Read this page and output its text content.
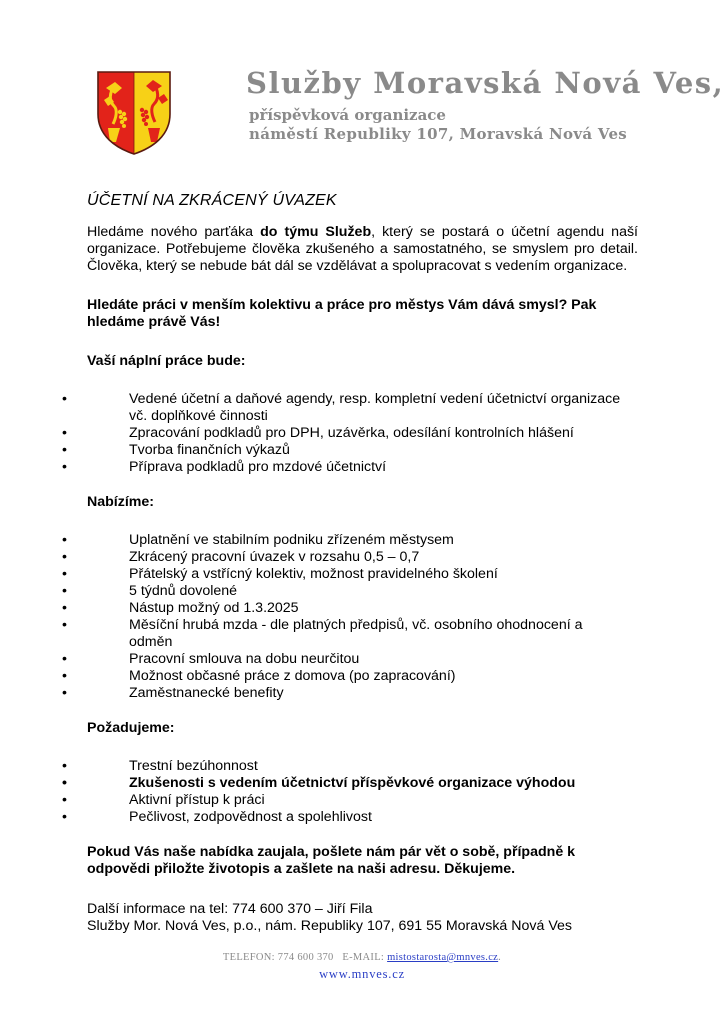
Služby Moravská Nová Ves,
příspěvková organizace
náměstí Republiky 107, Moravská Nová Ves
ÚČETNÍ NA ZKRÁCENÝ ÚVAZEK

Hledáme nového parťáka do týmu Služeb, který se postará o účetní agendu naší organizace. Potřebujeme člověka zkušeného a samostatného, se smyslem pro detail. Člověka, který se nebude bát dál se vzdělávat a spolupracovat s vedením organizace.

Hledáte práci v menším kolektivu a práce pro městys Vám dává smysl? Pak hledáme právě Vás!

Vaší náplní práce bude:
•	Vedené účetní a daňové agendy, resp. kompletní vedení účetnictví organizace vč. doplňkové činnosti
•	Zpracování podkladů pro DPH, uzávěrka, odesílání kontrolních hlášení
•	Tvorba finančních výkazů
•	Příprava podkladů pro mzdové účetnictví
Nabízíme:
•	Uplatnění ve stabilním podniku zřízeném městysem
•	Zkrácený pracovní úvazek v rozsahu 0,5 – 0,7
•	Přátelský a vstřícný kolektiv, možnost pravidelného školení
•	5 týdnů dovolené
•	Nástup možný od 1.3.2025
•	Měsíční hrubá mzda - dle platných předpisů, vč. osobního ohodnocení a odměn
•	Pracovní smlouva na dobu neurčitou
•	Možnost občasné práce z domova (po zapracování)
•	Zaměstnanecké benefity
Požadujeme:
•	Trestní bezúhonnost
•	Zkušenosti s vedením účetnictví příspěvkové organizace výhodou
•	Aktivní přístup k práci
•	Pečlivost, zodpovědnost a spolehlivost

Pokud Vás naše nabídka zaujala, pošlete nám pár vět o sobě, případně k odpovědi přiložte životopis a zašlete na naši adresu. Děkujeme.

Další informace na tel: 774 600 370 – Jiří Fila
Služby Mor. Nová Ves, p.o., nám. Republiky 107, 691 55 Moravská Nová Ves

TELEFON: 774 600 370 E-MAIL: mistostarosta@mnves.cz.
www.mnves.cz
